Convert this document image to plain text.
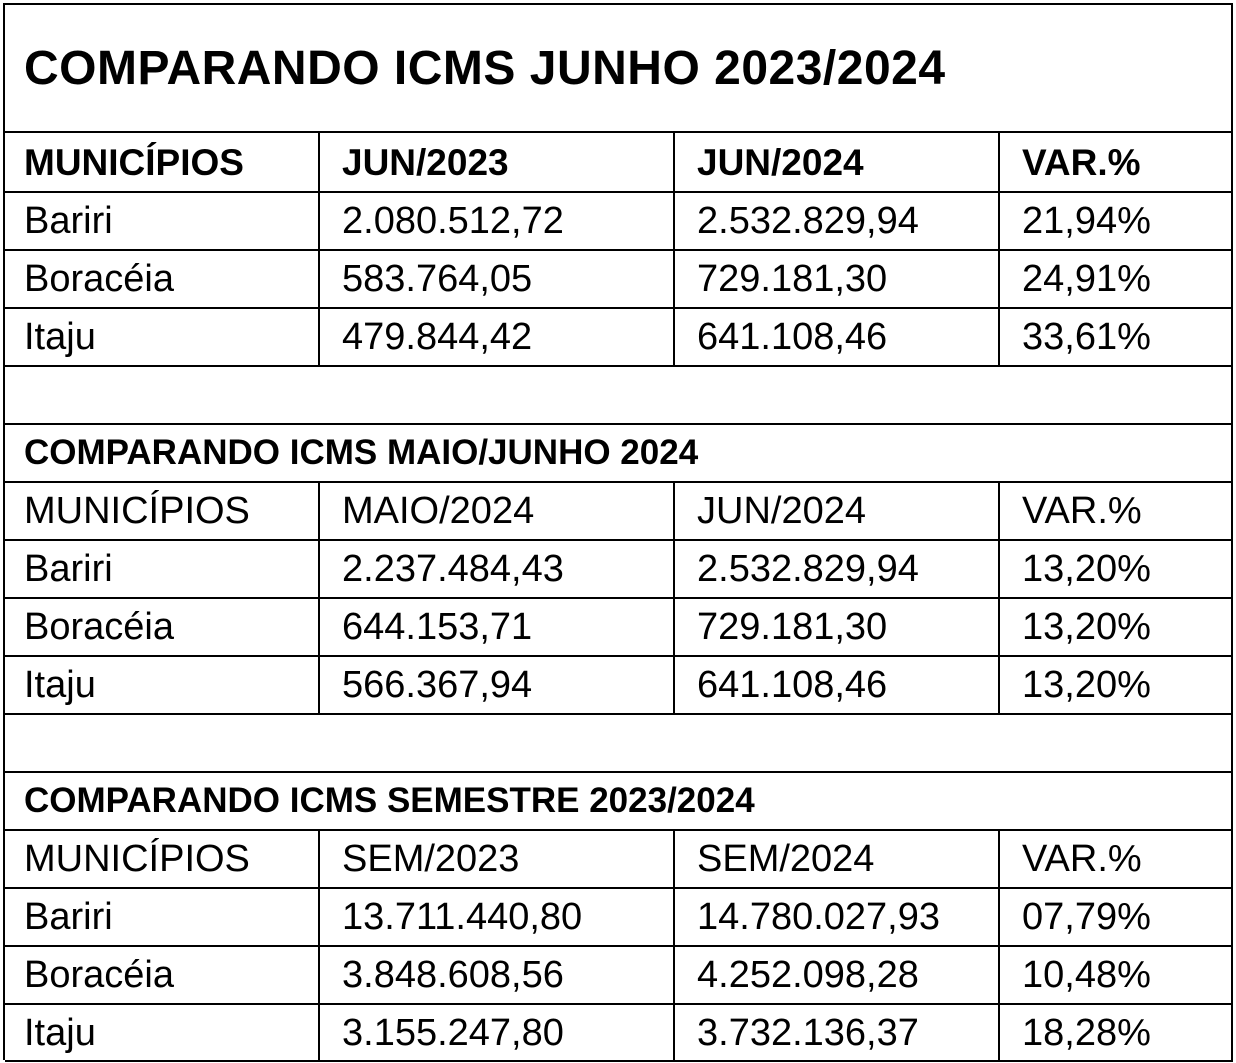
COMPARANDO ICMS JUNHO 2023/2024
MUNICÍPIOS	JUN/2023	JUN/2024	VAR.%
Bariri	2.080.512,72	2.532.829,94	21,94%
Boracéia	583.764,05	729.181,30	24,91%
Itaju	479.844,42	641.108,46	33,61%
COMPARANDO ICMS MAIO/JUNHO 2024
MUNICÍPIOS	MAIO/2024	JUN/2024	VAR.%
Bariri	2.237.484,43	2.532.829,94	13,20%
Boracéia	644.153,71	729.181,30	13,20%
Itaju	566.367,94	641.108,46	13,20%
COMPARANDO ICMS SEMESTRE 2023/2024
MUNICÍPIOS	SEM/2023	SEM/2024	VAR.%
Bariri	13.711.440,80	14.780.027,93	07,79%
Boracéia	3.848.608,56	4.252.098,28	10,48%
Itaju	3.155.247,80	3.732.136,37	18,28%
